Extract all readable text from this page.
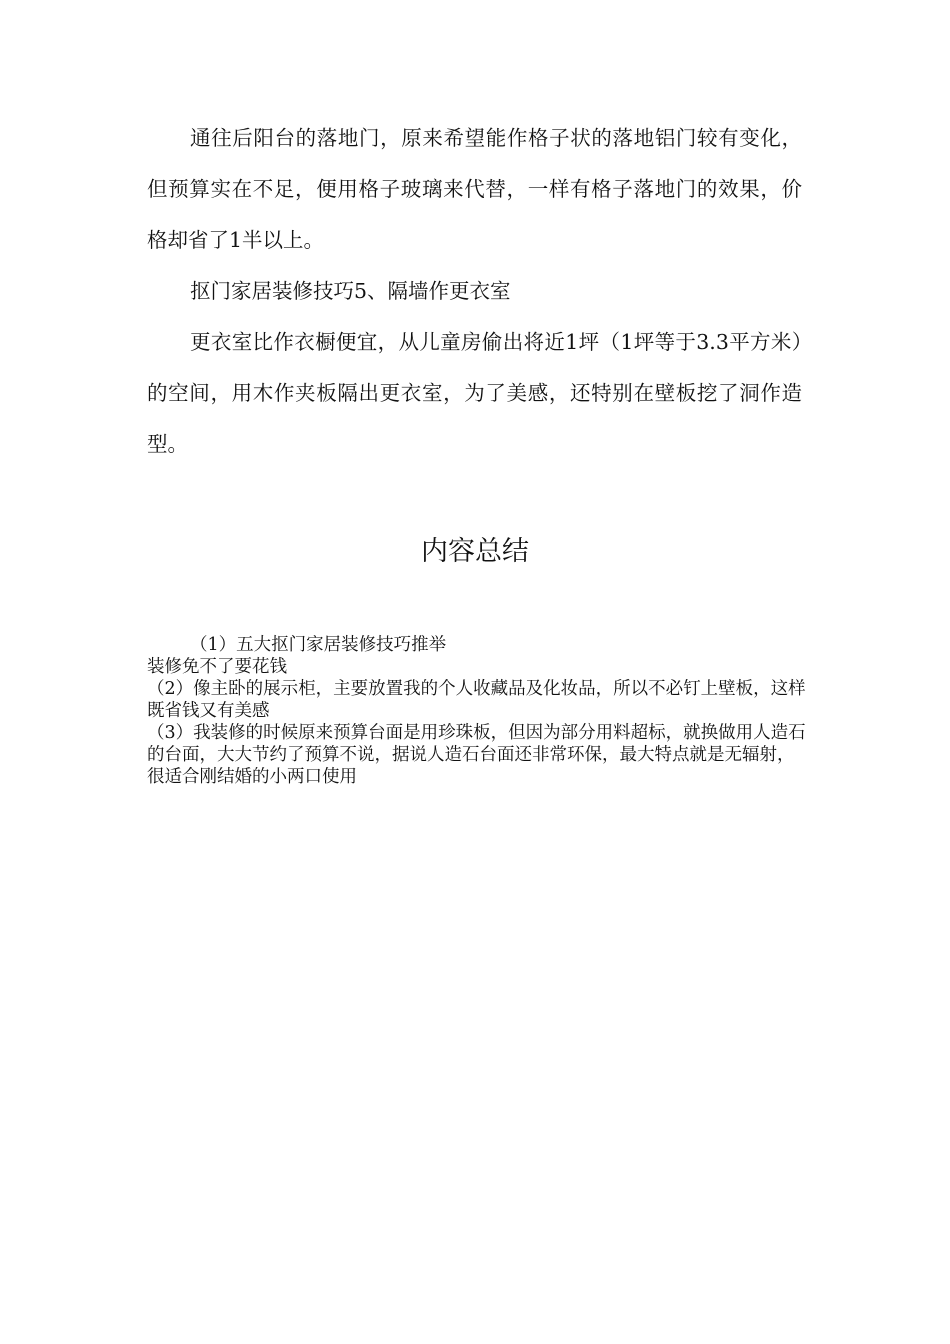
通往后阳台的落地门，原来希望能作格子状的落地铝门较有变化，但预算实在不足，便用格子玻璃来代替，一样有格子落地门的效果，价格却省了1半以上。

抠门家居装修技巧5、隔墙作更衣室

更衣室比作衣橱便宜，从儿童房偷出将近1坪（1坪等于3.3平方米）的空间，用木作夹板隔出更衣室，为了美感，还特别在壁板挖了洞作造型。

内容总结

（1）五大抠门家居装修技巧推举

装修免不了要花钱

（2）像主卧的展示柜，主要放置我的个人收藏品及化妆品，所以不必钉上壁板，这样既省钱又有美感

（3）我装修的时候原来预算台面是用珍珠板，但因为部分用料超标，就换做用人造石的台面，大大节约了预算不说，据说人造石台面还非常环保，最大特点就是无辐射，很适合刚结婚的小两口使用
